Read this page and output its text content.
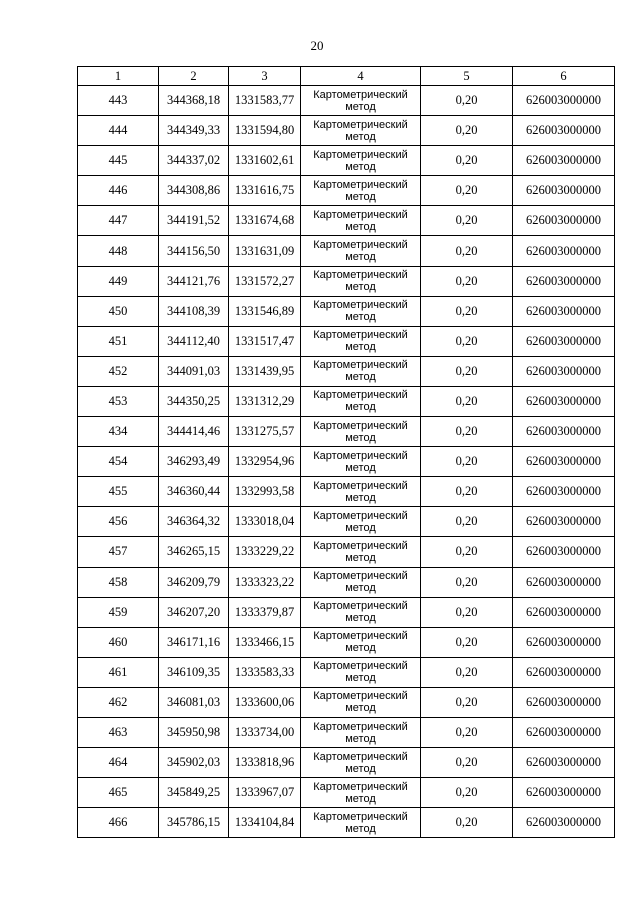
20
1	2	3	4	5	6
443	344368,18	1331583,77	Картометрический
метод	0,20	626003000000
444	344349,33	1331594,80	Картометрический
метод	0,20	626003000000
445	344337,02	1331602,61	Картометрический
метод	0,20	626003000000
446	344308,86	1331616,75	Картометрический
метод	0,20	626003000000
447	344191,52	1331674,68	Картометрический
метод	0,20	626003000000
448	344156,50	1331631,09	Картометрический
метод	0,20	626003000000
449	344121,76	1331572,27	Картометрический
метод	0,20	626003000000
450	344108,39	1331546,89	Картометрический
метод	0,20	626003000000
451	344112,40	1331517,47	Картометрический
метод	0,20	626003000000
452	344091,03	1331439,95	Картометрический
метод	0,20	626003000000
453	344350,25	1331312,29	Картометрический
метод	0,20	626003000000
434	344414,46	1331275,57	Картометрический
метод	0,20	626003000000
454	346293,49	1332954,96	Картометрический
метод	0,20	626003000000
455	346360,44	1332993,58	Картометрический
метод	0,20	626003000000
456	346364,32	1333018,04	Картометрический
метод	0,20	626003000000
457	346265,15	1333229,22	Картометрический
метод	0,20	626003000000
458	346209,79	1333323,22	Картометрический
метод	0,20	626003000000
459	346207,20	1333379,87	Картометрический
метод	0,20	626003000000
460	346171,16	1333466,15	Картометрический
метод	0,20	626003000000
461	346109,35	1333583,33	Картометрический
метод	0,20	626003000000
462	346081,03	1333600,06	Картометрический
метод	0,20	626003000000
463	345950,98	1333734,00	Картометрический
метод	0,20	626003000000
464	345902,03	1333818,96	Картометрический
метод	0,20	626003000000
465	345849,25	1333967,07	Картометрический
метод	0,20	626003000000
466	345786,15	1334104,84	Картометрический
метод	0,20	626003000000
